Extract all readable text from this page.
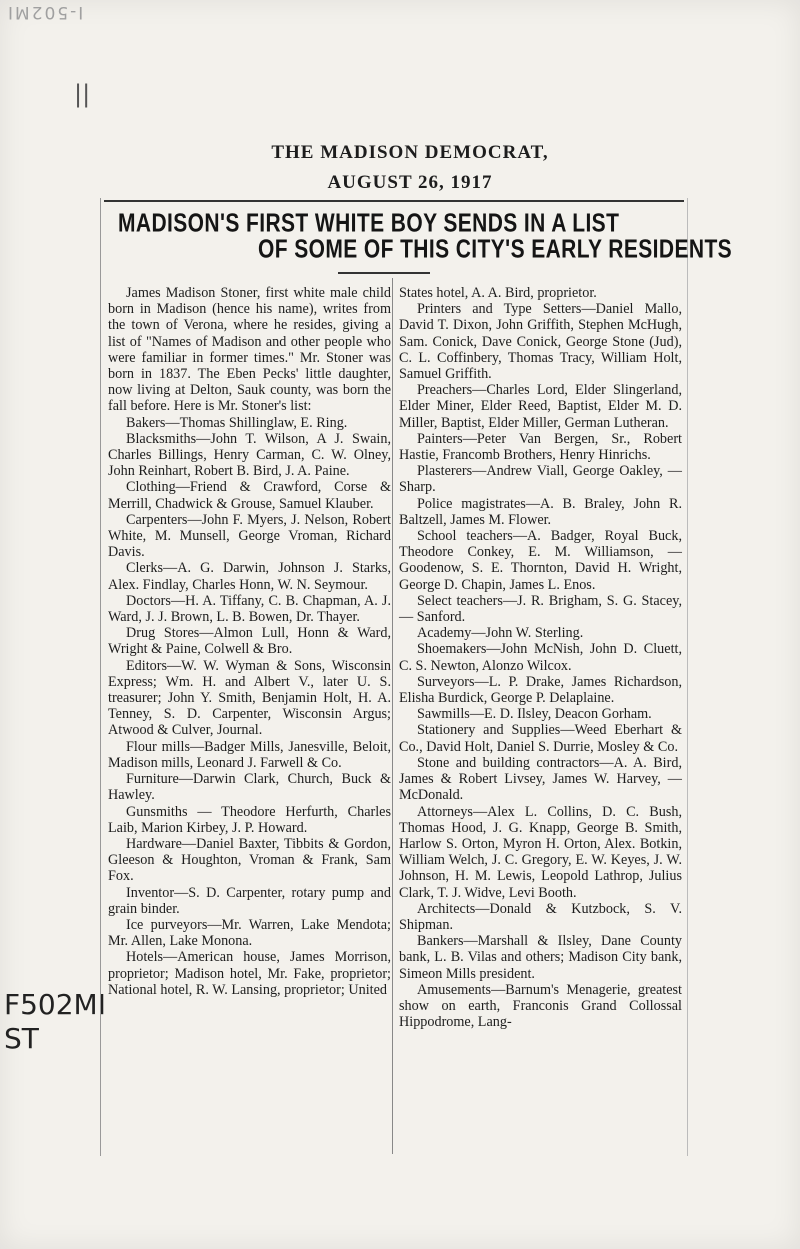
I-502MI
||
F502MI
ST
THE MADISON DEMOCRAT,
AUGUST 26, 1917
MADISON'S FIRST WHITE BOY SENDS IN A LIST
OF SOME OF THIS CITY'S EARLY RESIDENTS

James Madison Stoner, first white male child born in Madison (hence his name), writes from the town of Verona, where he resides, giving a list of "Names of Madison and other people who were familiar in former times." Mr. Stoner was born in 1837. The Eben Pecks' little daughter, now living at Delton, Sauk county, was born the fall before. Here is Mr. Stoner's list:

Bakers—Thomas Shillinglaw, E. Ring.

Blacksmiths—John T. Wilson, A J. Swain, Charles Billings, Henry Carman, C. W. Olney, John Reinhart, Robert B. Bird, J. A. Paine.

Clothing—Friend & Crawford, Corse & Merrill, Chadwick & Grouse, Samuel Klauber.

Carpenters—John F. Myers, J. Nelson, Robert White, M. Munsell, George Vroman, Richard Davis.

Clerks—A. G. Darwin, Johnson J. Starks, Alex. Findlay, Charles Honn, W. N. Seymour.

Doctors—H. A. Tiffany, C. B. Chapman, A. J. Ward, J. J. Brown, L. B. Bowen, Dr. Thayer.

Drug Stores—Almon Lull, Honn & Ward, Wright & Paine, Colwell & Bro.

Editors—W. W. Wyman & Sons, Wisconsin Express; Wm. H. and Albert V., later U. S. treasurer; John Y. Smith, Benjamin Holt, H. A. Tenney, S. D. Carpenter, Wisconsin Argus; Atwood & Culver, Journal.

Flour mills—Badger Mills, Janesville, Beloit, Madison mills, Leonard J. Farwell & Co.

Furniture—Darwin Clark, Church, Buck & Hawley.

Gunsmiths — Theodore Herfurth, Charles Laib, Marion Kirbey, J. P. Howard.

Hardware—Daniel Baxter, Tibbits & Gordon, Gleeson & Houghton, Vroman & Frank, Sam Fox.

Inventor—S. D. Carpenter, rotary pump and grain binder.

Ice purveyors—Mr. Warren, Lake Mendota; Mr. Allen, Lake Monona.

Hotels—American house, James Morrison, proprietor; Madison hotel, Mr. Fake, proprietor; National hotel, R. W. Lansing, proprietor; United

States hotel, A. A. Bird, proprietor.

Printers and Type Setters—Daniel Mallo, David T. Dixon, John Griffith, Stephen McHugh, Sam. Conick, Dave Conick, George Stone (Jud), C. L. Coffinbery, Thomas Tracy, William Holt, Samuel Griffith.

Preachers—Charles Lord, Elder Slingerland, Elder Miner, Elder Reed, Baptist, Elder M. D. Miller, Baptist, Elder Miller, German Lutheran.

Painters—Peter Van Bergen, Sr., Robert Hastie, Francomb Brothers, Henry Hinrichs.

Plasterers—Andrew Viall, George Oakley, — Sharp.

Police magistrates—A. B. Braley, John R. Baltzell, James M. Flower.

School teachers—A. Badger, Royal Buck, Theodore Conkey, E. M. Williamson, — Goodenow, S. E. Thornton, David H. Wright, George D. Chapin, James L. Enos.

Select teachers—J. R. Brigham, S. G. Stacey, — Sanford.

Academy—John W. Sterling.

Shoemakers—John McNish, John D. Cluett, C. S. Newton, Alonzo Wilcox.

Surveyors—L. P. Drake, James Richardson, Elisha Burdick, George P. Delaplaine.

Sawmills—E. D. Ilsley, Deacon Gorham.

Stationery and Supplies—Weed Eberhart & Co., David Holt, Daniel S. Durrie, Mosley & Co.

Stone and building contractors—A. A. Bird, James & Robert Livsey, James W. Harvey, — McDonald.

Attorneys—Alex L. Collins, D. C. Bush, Thomas Hood, J. G. Knapp, George B. Smith, Harlow S. Orton, Myron H. Orton, Alex. Botkin, William Welch, J. C. Gregory, E. W. Keyes, J. W. Johnson, H. M. Lewis, Leopold Lathrop, Julius Clark, T. J. Widve, Levi Booth.

Architects—Donald & Kutzbock, S. V. Shipman.

Bankers—Marshall & Ilsley, Dane County bank, L. B. Vilas and others; Madison City bank, Simeon Mills president.

Amusements—Barnum's Menagerie, greatest show on earth, Franconis Grand Collossal Hippodrome, Lang-
